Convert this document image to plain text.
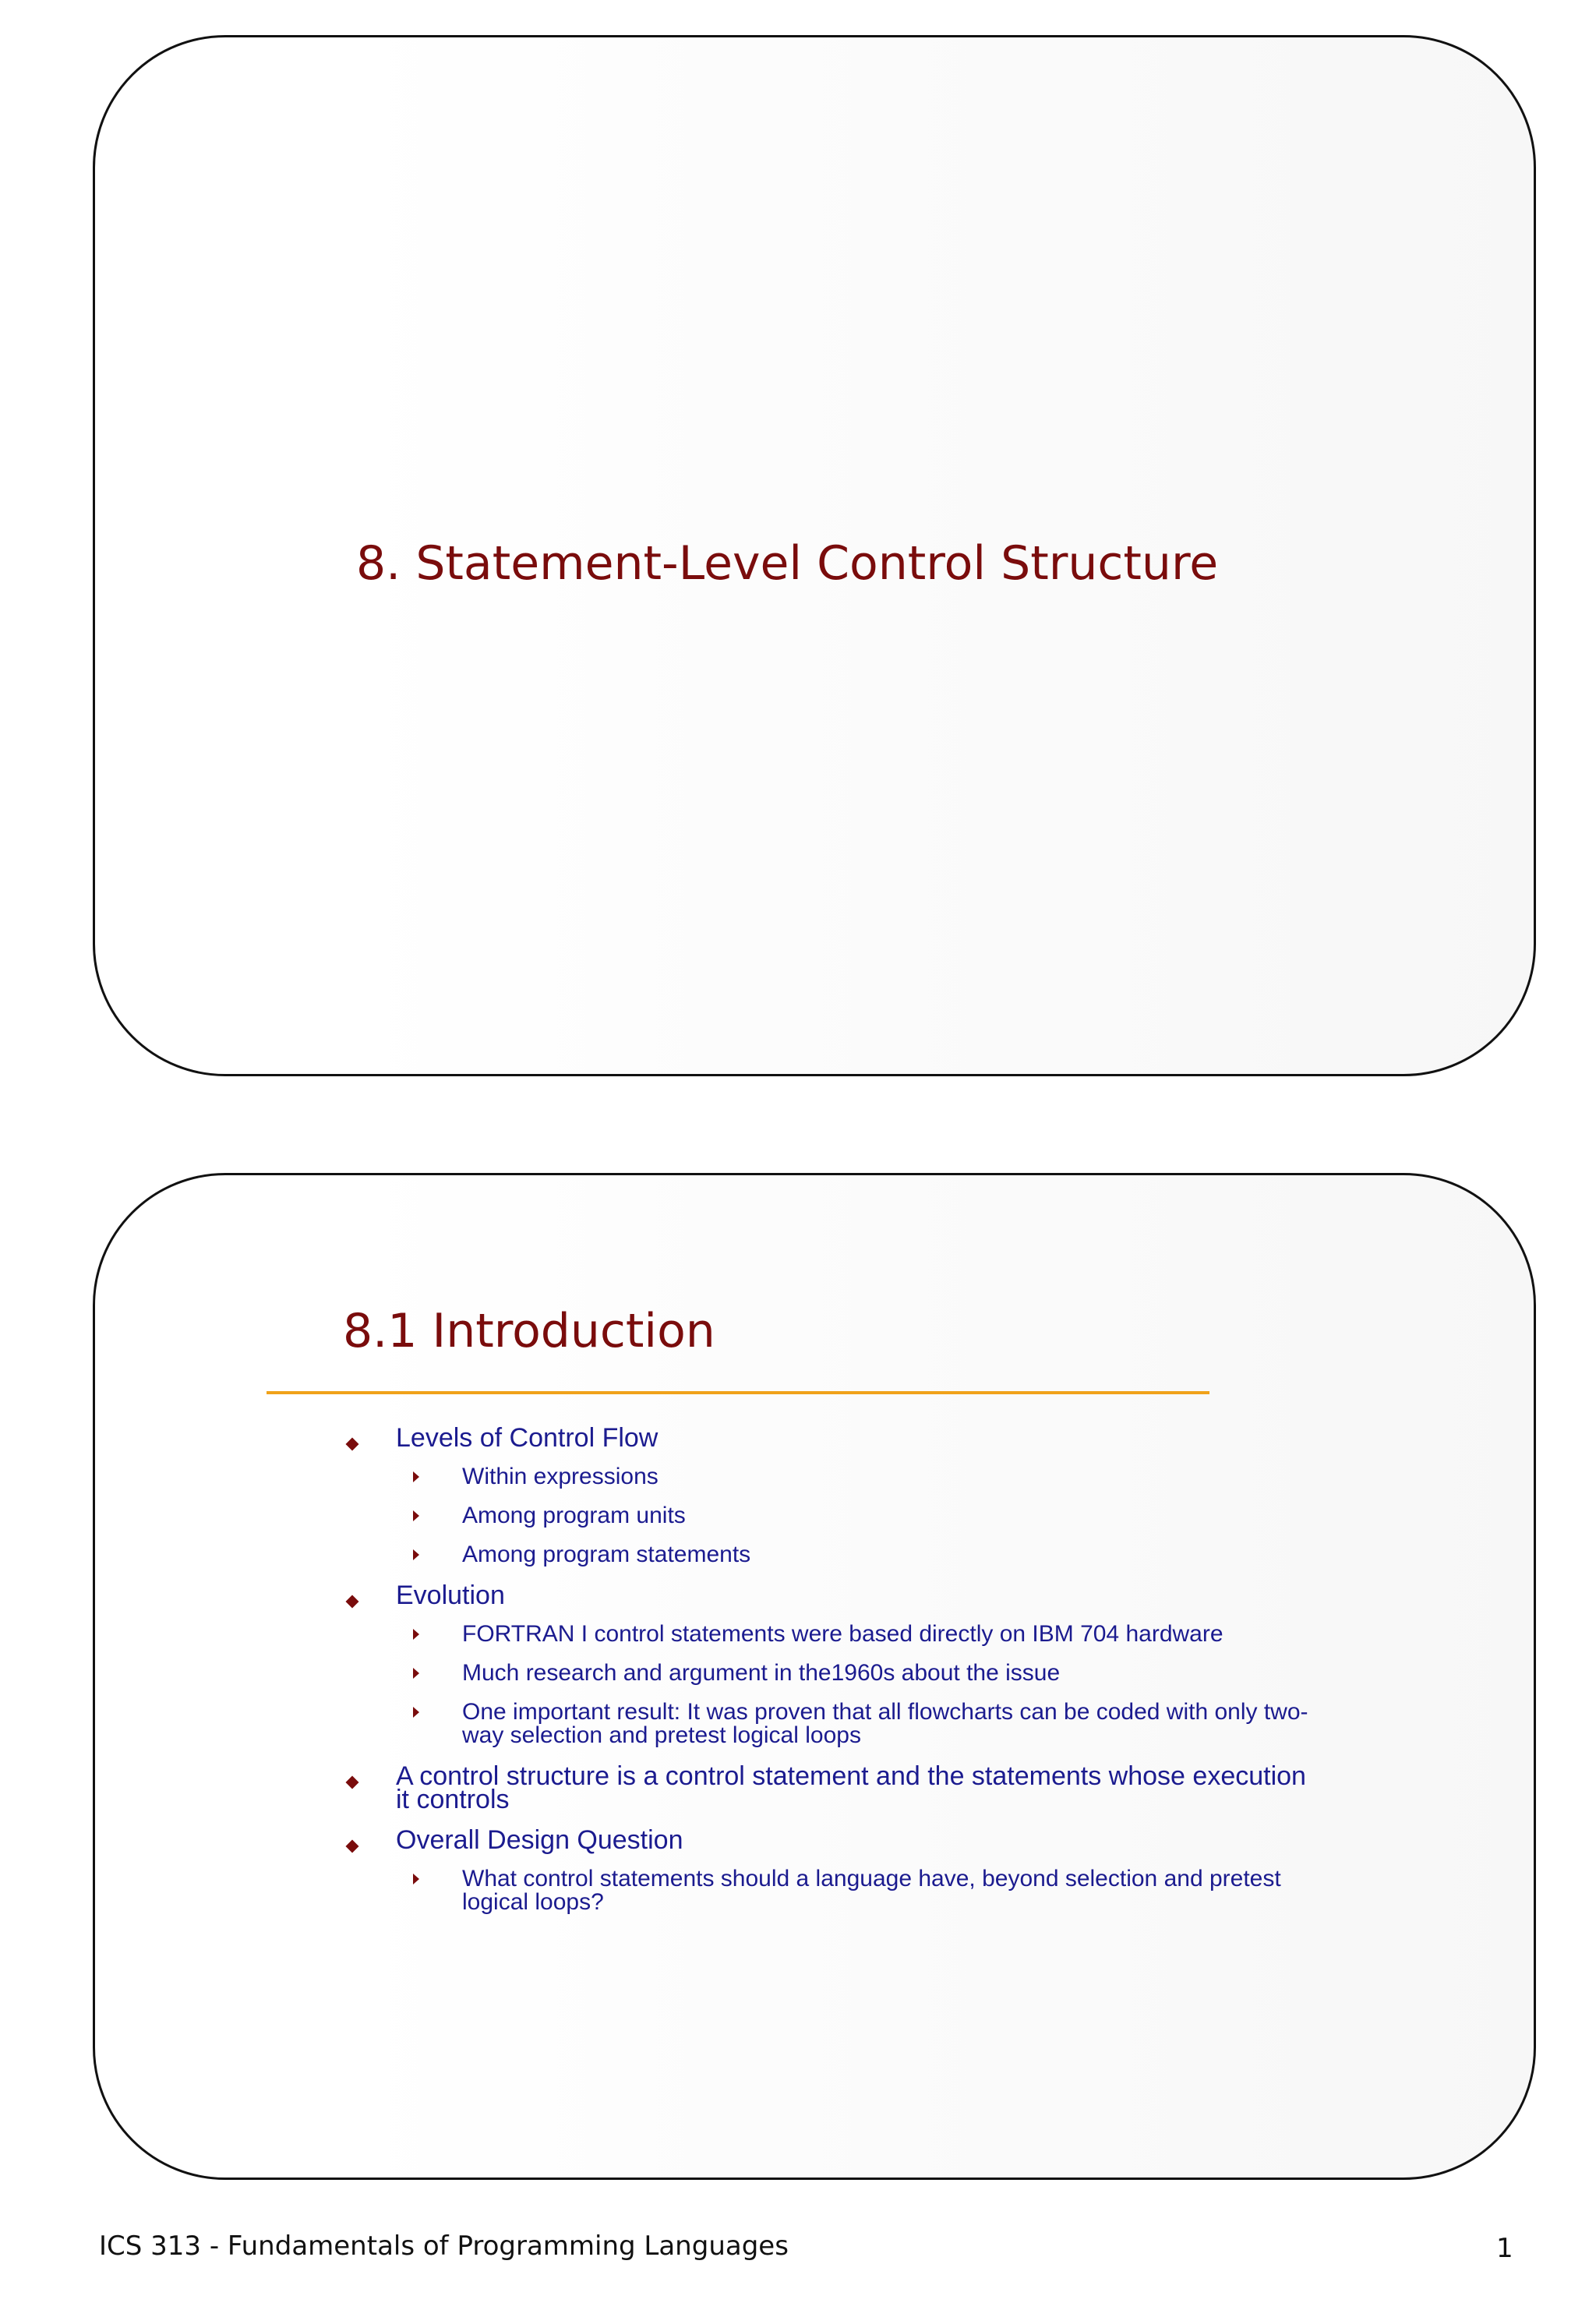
8. Statement-Level Control Structure
8.1 Introduction
Levels of Control Flow
Within expressions
Among program units
Among program statements
Evolution
FORTRAN I control statements were based directly on IBM 704 hardware
Much research and argument in the1960s about the issue
One important result: It was proven that all flowcharts can be coded with only two-way selection and pretest logical loops
A control structure is a control statement and the statements whose execution it controls
Overall Design Question
What control statements should a language have, beyond selection and pretest logical loops?
ICS 313 - Fundamentals of Programming Languages	1
